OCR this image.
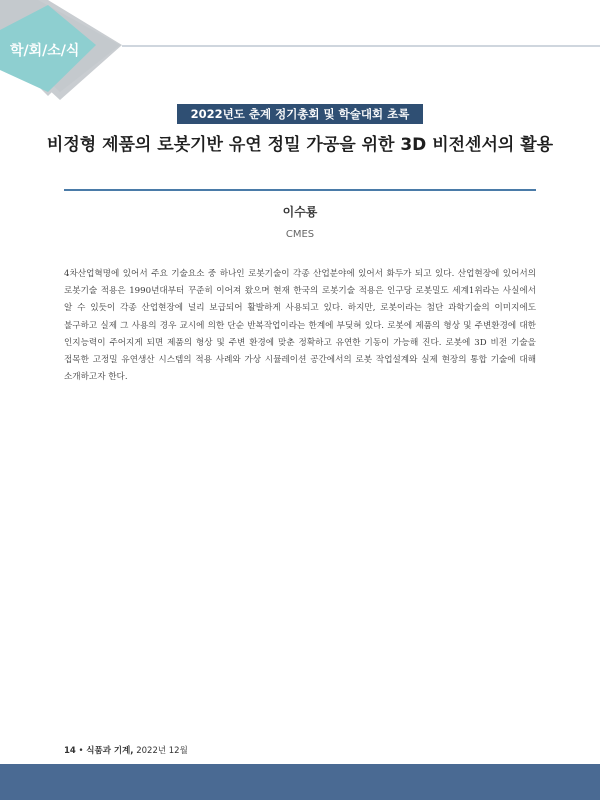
학/회/소/식
2022년도 춘계 정기총회 및 학술대회 초록
비정형 제품의 로봇기반 유연 정밀 가공을 위한 3D 비전센서의 활용
이수룡
CMES

4차산업혁명에 있어서 주요 기술요소 중 하나인 로봇기술이 각종 산업분야에 있어서 화두가 되고 있다. 산업현장에 있어서의 로봇기술 적용은 1990년대부터 꾸준히 이어져 왔으며 현재 한국의 로봇기술 적용은 인구당 로봇밀도 세계1위라는 사실에서 알 수 있듯이 각종 산업현장에 널리 보급되어 활발하게 사용되고 있다. 하지만, 로봇이라는 첨단 과학기술의 이미지에도 불구하고 실제 그 사용의 경우 교시에 의한 단순 반복작업이라는 한계에 부딪혀 있다. 로봇에 제품의 형상 및 주변환경에 대한 인지능력이 주어지게 되면 제품의 형상 및 주변 환경에 맞춘 정확하고 유연한 기동이 가능해 진다. 로봇에 3D 비전 기술을 접목한 고정밀 유연생산 시스템의 적용 사례와 가상 시뮬레이션 공간에서의 로봇 작업설계와 실제 현장의 통합 기술에 대해 소개하고자 한다.

14 • 식품과 기계, 2022년 12월
